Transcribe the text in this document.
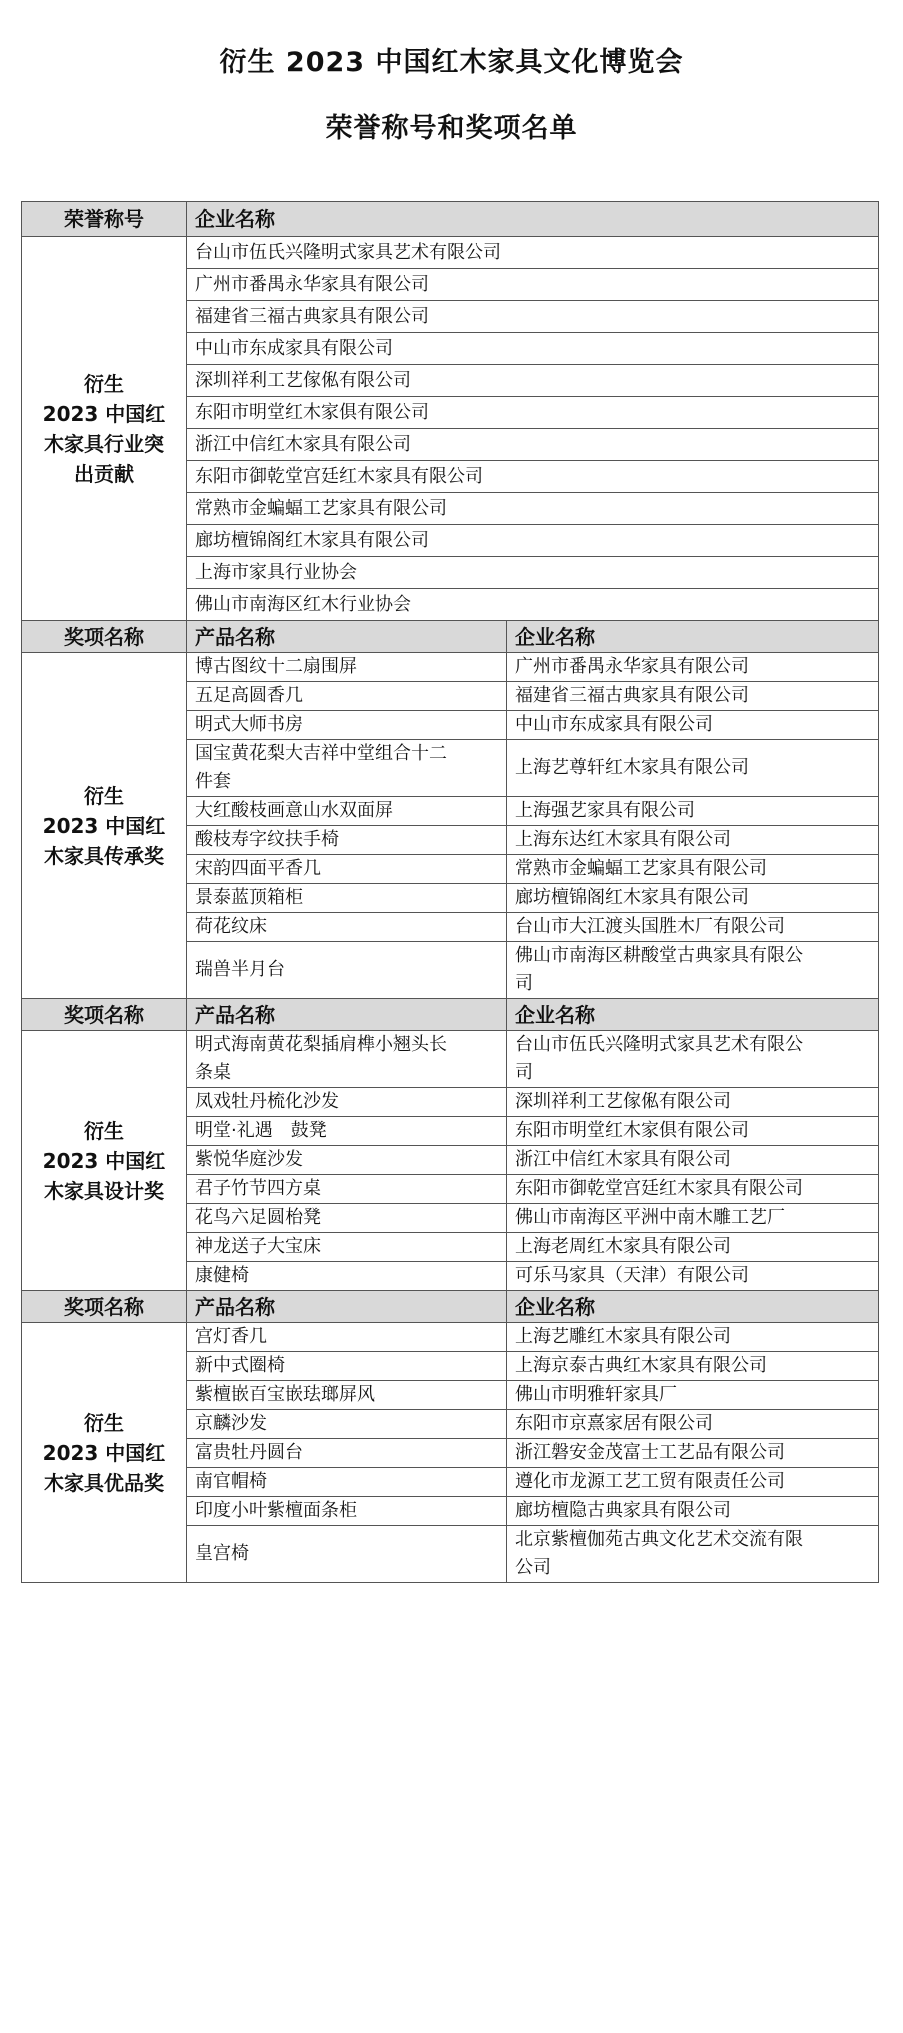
衍生 2023 中国红木家具文化博览会
荣誉称号和奖项名单
荣誉称号	企业名称	

衍生
2023 中国红
木家具行业突
出贡献	台山市伍氏兴隆明式家具艺术有限公司	
	广州市番禺永华家具有限公司	
	福建省三福古典家具有限公司	
	中山市东成家具有限公司	
	深圳祥利工艺傢俬有限公司	
	东阳市明堂红木家俱有限公司	
	浙江中信红木家具有限公司	
	东阳市御乾堂宫廷红木家具有限公司	
	常熟市金蝙蝠工艺家具有限公司	
	廊坊檀锦阁红木家具有限公司	
	上海市家具行业协会	
	佛山市南海区红木行业协会	
奖项名称	产品名称	企业名称

衍生
2023 中国红
木家具传承奖	博古图纹十二扇围屏	广州市番禺永华家具有限公司

	五足高圆香几	福建省三福古典家具有限公司

	明式大师书房	中山市东成家具有限公司

	国宝黄花梨大吉祥中堂组合十二
件套	上海艺尊轩红木家具有限公司

	大红酸枝画意山水双面屏	上海强艺家具有限公司

	酸枝寿字纹扶手椅	上海东达红木家具有限公司

	宋韵四面平香几	常熟市金蝙蝠工艺家具有限公司

	景泰蓝顶箱柜	廊坊檀锦阁红木家具有限公司

	荷花纹床	台山市大江渡头国胜木厂有限公司

	瑞兽半月台	佛山市南海区耕酸堂古典家具有限公
司

奖项名称	产品名称	企业名称

衍生
2023 中国红
木家具设计奖	明式海南黄花梨插肩榫小翘头长
条桌	台山市伍氏兴隆明式家具艺术有限公
司

	凤戏牡丹梳化沙发	深圳祥利工艺傢俬有限公司

	明堂·礼遇　鼓凳	东阳市明堂红木家俱有限公司

	紫悦华庭沙发	浙江中信红木家具有限公司

	君子竹节四方桌	东阳市御乾堂宫廷红木家具有限公司

	花鸟六足圆枱凳	佛山市南海区平洲中南木雕工艺厂

	神龙送子大宝床	上海老周红木家具有限公司

	康健椅	可乐马家具（天津）有限公司

奖项名称	产品名称	企业名称

衍生
2023 中国红
木家具优品奖	宫灯香几	上海艺雕红木家具有限公司

	新中式圈椅	上海京泰古典红木家具有限公司

	紫檀嵌百宝嵌珐瑯屏风	佛山市明雅轩家具厂

	京麟沙发	东阳市京熹家居有限公司

	富贵牡丹圆台	浙江磐安金茂富士工艺品有限公司

	南官帽椅	遵化市龙源工艺工贸有限责任公司

	印度小叶紫檀面条柜	廊坊檀隐古典家具有限公司

	皇宫椅	北京紫檀伽苑古典文化艺术交流有限
公司
